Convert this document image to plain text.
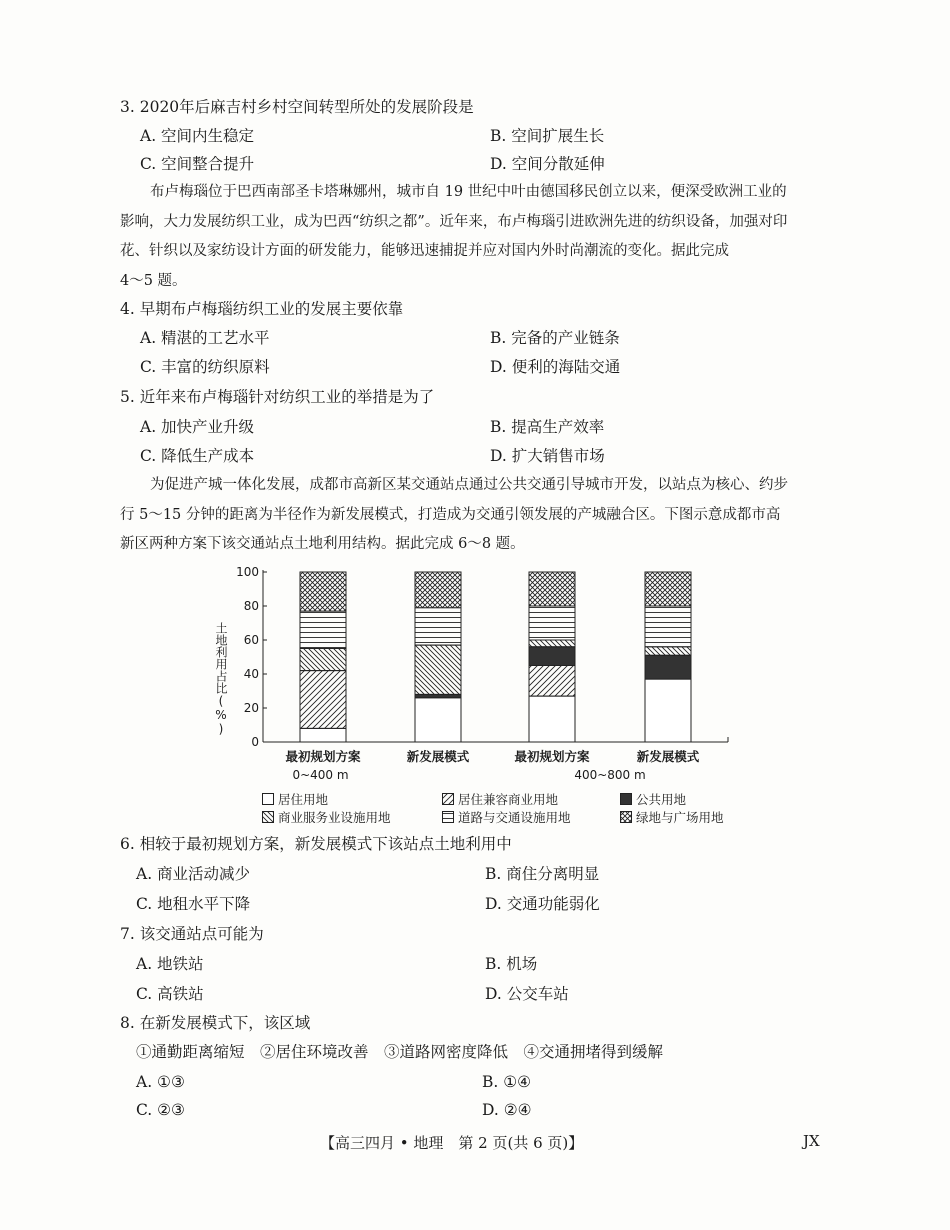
3. 2020年后麻吉村乡村空间转型所处的发展阶段是
A. 空间内生稳定	B. 空间扩展生长
C. 空间整合提升	D. 空间分散延伸
布卢梅瑙位于巴西南部圣卡塔琳娜州，城市自 19 世纪中叶由德国移民创立以来，便深受欧洲工业的
影响，大力发展纺织工业，成为巴西“纺织之都”。近年来，布卢梅瑙引进欧洲先进的纺织设备，加强对印
花、针织以及家纺设计方面的研发能力，能够迅速捕捉并应对国内外时尚潮流的变化。据此完成
4～5 题。
4. 早期布卢梅瑙纺织工业的发展主要依靠
A. 精湛的工艺水平	B. 完备的产业链条
C. 丰富的纺织原料	D. 便利的海陆交通
5. 近年来布卢梅瑙针对纺织工业的举措是为了
A. 加快产业升级	B. 提高生产效率
C. 降低生产成本	D. 扩大销售市场
为促进产城一体化发展，成都市高新区某交通站点通过公共交通引导城市开发，以站点为核心、约步
行 5～15 分钟的距离为半径作为新发展模式，打造成为交通引领发展的产城融合区。下图示意成都市高
新区两种方案下该交通站点土地利用结构。据此完成 6～8 题。
0
20
40
60
80
100
最初规划方案	新发展模式	最初规划方案	新发展模式
0~400 m	400~800 m
土地利用占比(%)
居住用地	居住兼容商业用地	公共用地
商业服务业设施用地	道路与交通设施用地	绿地与广场用地
6. 相较于最初规划方案，新发展模式下该站点土地利用中
A. 商业活动减少	B. 商住分离明显
C. 地租水平下降	D. 交通功能弱化
7. 该交通站点可能为
A. 地铁站	B. 机场
C. 高铁站	D. 公交车站
8. 在新发展模式下，该区域
①通勤距离缩短　②居住环境改善　③道路网密度降低　④交通拥堵得到缓解
A. ①③	B. ①④
C. ②③	D. ②④
【高三四月 • 地理　第 2 页(共 6 页)】	JX
